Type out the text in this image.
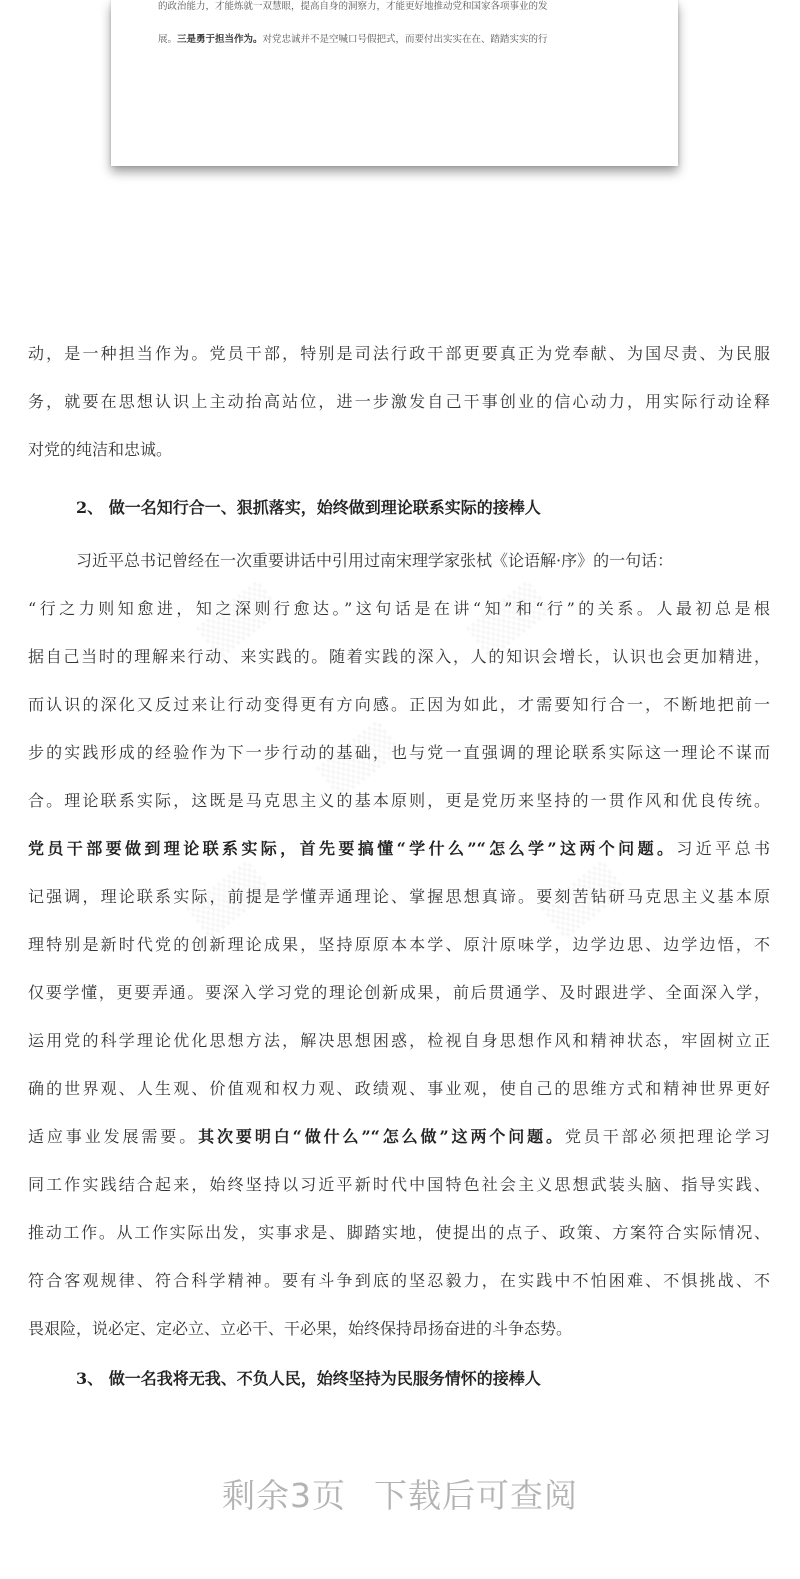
▒▒▒	▒▒▒
▒▒▒
▒▒▒	▒▒▒

的政治能力，才能炼就一双慧眼，提高自身的洞察力，才能更好地推动党和国家各项事业的发
展。三是勇于担当作为。对党忠诚并不是空喊口号假把式，而要付出实实在在、踏踏实实的行

动，是一种担当作为。党员干部，特别是司法行政干部更要真正为党奉献、为国尽责、为民服
务，就要在思想认识上主动抬高站位，进一步激发自己干事创业的信心动力，用实际行动诠释
对党的纯洁和忠诚。

2、 做一名知行合一、狠抓落实，始终做到理论联系实际的接棒人

习近平总书记曾经在一次重要讲话中引用过南宋理学家张栻《论语解·序》的一句话：
“行之力则知愈进，知之深则行愈达。”这句话是在讲“知”和“行”的关系。人最初总是根
据自己当时的理解来行动、来实践的。随着实践的深入，人的知识会增长，认识也会更加精进，
而认识的深化又反过来让行动变得更有方向感。正因为如此，才需要知行合一，不断地把前一
步的实践形成的经验作为下一步行动的基础，也与党一直强调的理论联系实际这一理论不谋而
合。理论联系实际，这既是马克思主义的基本原则，更是党历来坚持的一贯作风和优良传统。
党员干部要做到理论联系实际，首先要搞懂“学什么”“怎么学”这两个问题。习近平总书
记强调，理论联系实际，前提是学懂弄通理论、掌握思想真谛。要刻苦钻研马克思主义基本原
理特别是新时代党的创新理论成果，坚持原原本本学、原汁原味学，边学边思、边学边悟，不
仅要学懂，更要弄通。要深入学习党的理论创新成果，前后贯通学、及时跟进学、全面深入学，
运用党的科学理论优化思想方法，解决思想困惑，检视自身思想作风和精神状态，牢固树立正
确的世界观、人生观、价值观和权力观、政绩观、事业观，使自己的思维方式和精神世界更好
适应事业发展需要。其次要明白“做什么”“怎么做”这两个问题。党员干部必须把理论学习
同工作实践结合起来，始终坚持以习近平新时代中国特色社会主义思想武装头脑、指导实践、
推动工作。从工作实际出发，实事求是、脚踏实地，使提出的点子、政策、方案符合实际情况、
符合客观规律、符合科学精神。要有斗争到底的坚忍毅力，在实践中不怕困难、不惧挑战、不
畏艰险，说必定、定必立、立必干、干必果，始终保持昂扬奋进的斗争态势。

3、 做一名我将无我、不负人民，始终坚持为民服务情怀的接棒人

剩余3页 下载后可查阅
